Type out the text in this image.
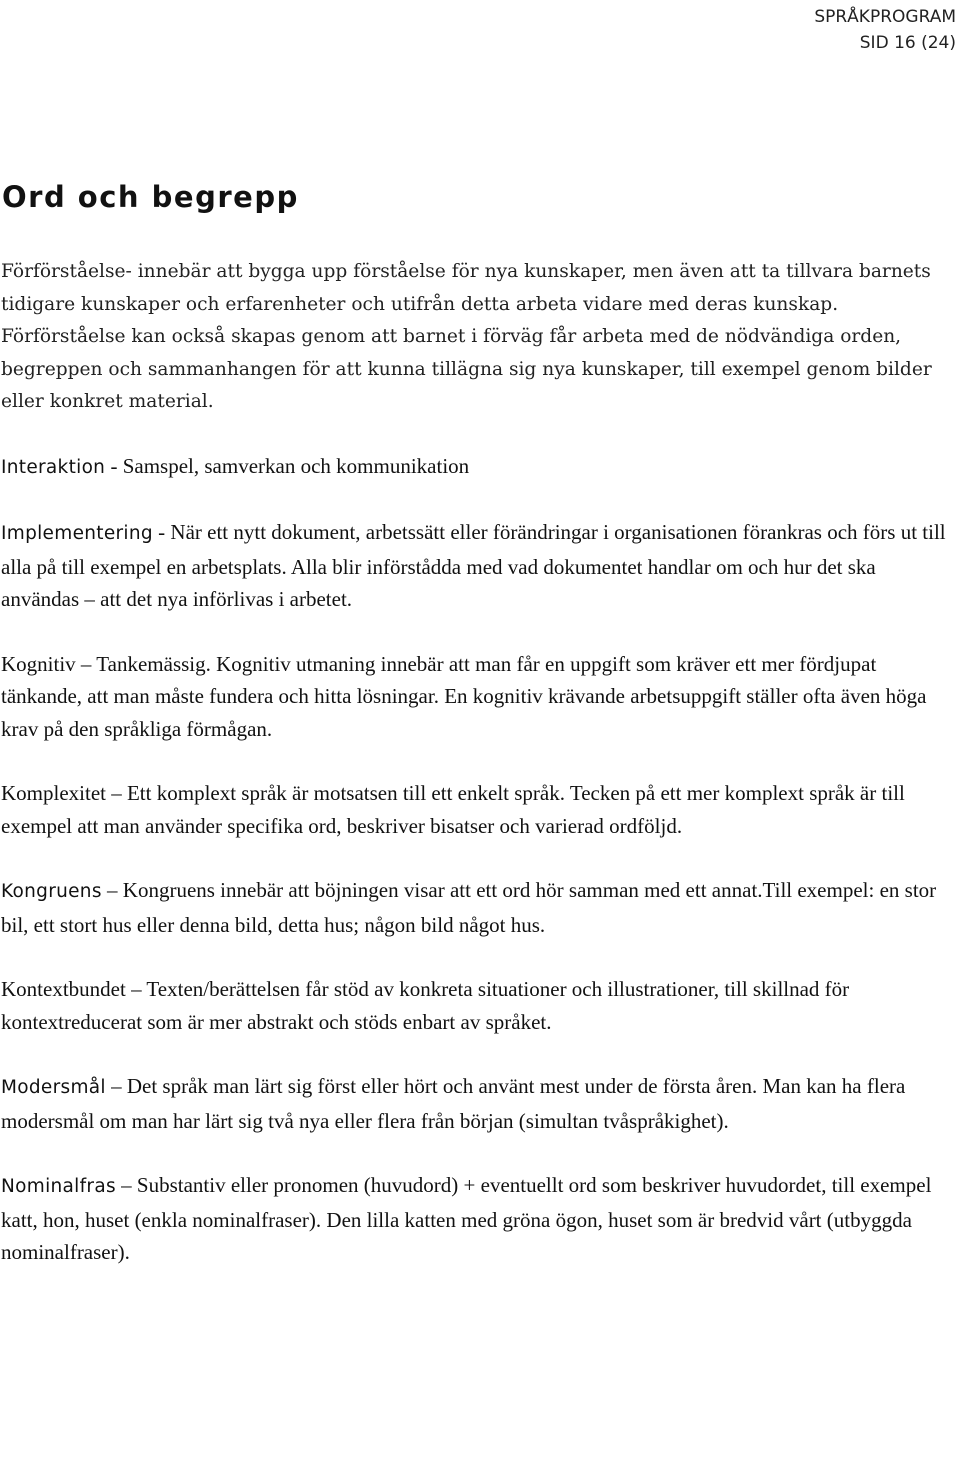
SPRÅKPROGRAM
SID 16 (24)
Ord och begrepp

Förförståelse- innebär att bygga upp förståelse för nya kunskaper, men även att ta tillvara barnets tidigare kunskaper och erfarenheter och utifrån detta arbeta vidare med deras kunskap. Förförståelse kan också skapas genom att barnet i förväg får arbeta med de nödvändiga orden, begreppen och sammanhangen för att kunna tillägna sig nya kunskaper, till exempel genom bilder eller konkret material.

Interaktion - Samspel, samverkan och kommunikation

Implementering - När ett nytt dokument, arbetssätt eller förändringar i organisationen förankras och förs ut till alla på till exempel en arbetsplats. Alla blir införstådda med vad dokumentet handlar om och hur det ska användas – att det nya införlivas i arbetet.

Kognitiv – Tankemässig. Kognitiv utmaning innebär att man får en uppgift som kräver ett mer fördjupat tänkande, att man måste fundera och hitta lösningar. En kognitiv krävande arbetsuppgift ställer ofta även höga krav på den språkliga förmågan.

Komplexitet – Ett komplext språk är motsatsen till ett enkelt språk. Tecken på ett mer komplext språk är till exempel att man använder specifika ord, beskriver bisatser och varierad ordföljd.

Kongruens – Kongruens innebär att böjningen visar att ett ord hör samman med ett annat.Till exempel: en stor bil, ett stort hus eller denna bild, detta hus; någon bild något hus.

Kontextbundet – Texten/berättelsen får stöd av konkreta situationer och illustrationer, till skillnad för kontextreducerat som är mer abstrakt och stöds enbart av språket.

Modersmål – Det språk man lärt sig först eller hört och använt mest under de första åren. Man kan ha flera modersmål om man har lärt sig två nya eller flera från början (simultan tvåspråkighet).

Nominalfras – Substantiv eller pronomen (huvudord) + eventuellt ord som beskriver huvudordet, till exempel katt, hon, huset (enkla nominalfraser). Den lilla katten med gröna ögon, huset som är bredvid vårt (utbyggda nominalfraser).
